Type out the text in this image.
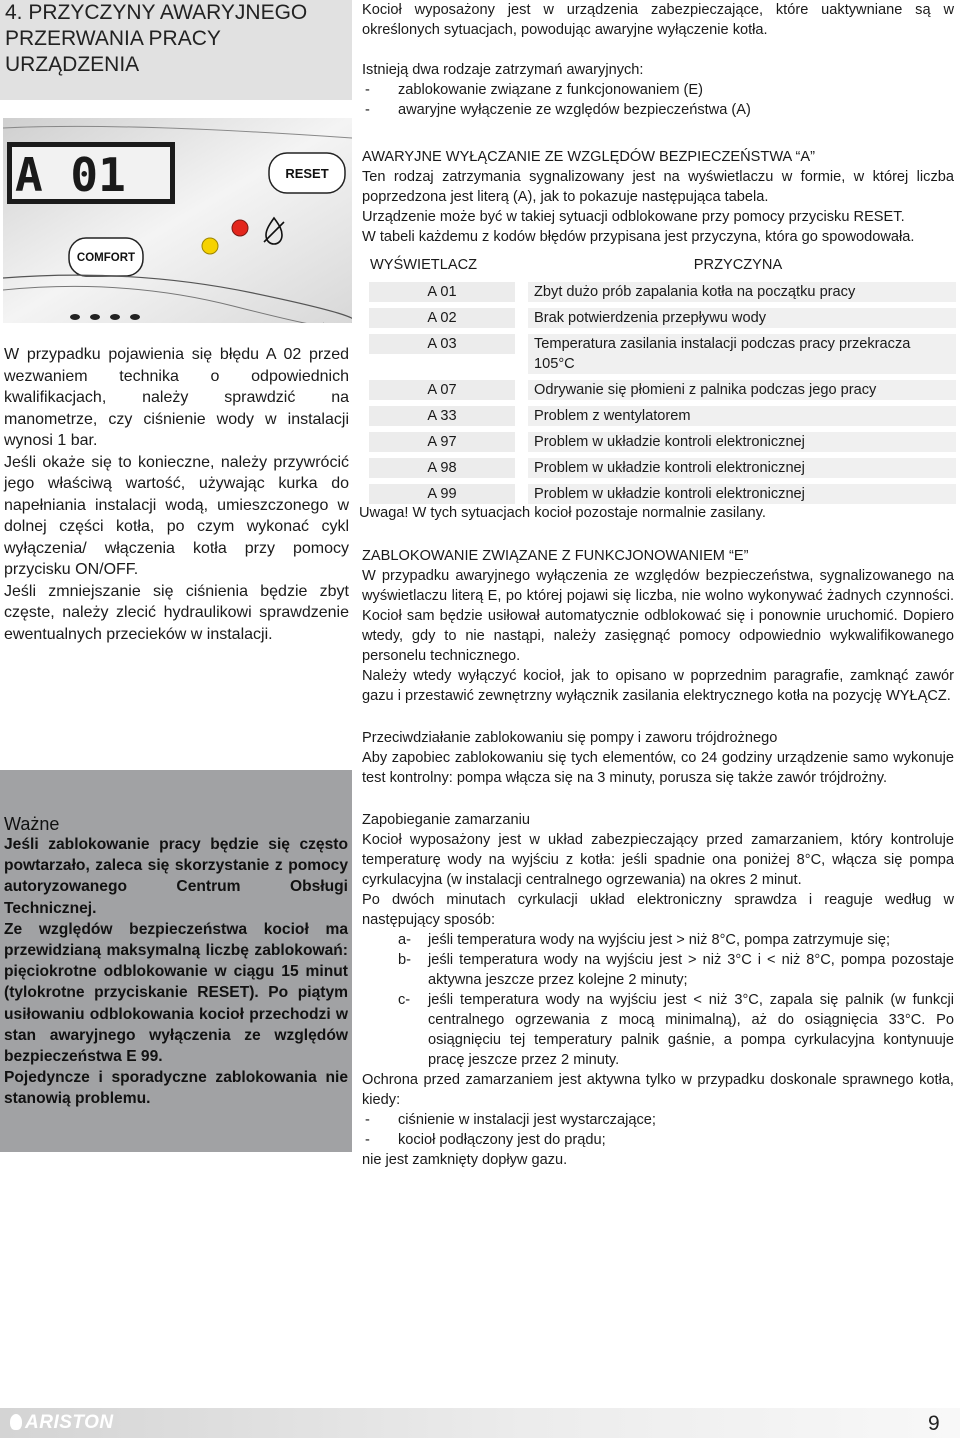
4. PRZYCZYNY AWARYJNEGO
PRZERWANIA PRACY
URZĄDZENIA
A 01	RESET
COMFORT
W przypadku pojawienia się błędu A 02 przed wezwaniem technika o odpowiednich kwalifikacjach, należy sprawdzić na manometrze, czy ciśnienie wody w instalacji wynosi 1 bar.
Jeśli okaże się to konieczne, należy przywrócić jego właściwą wartość, używając kurka do napełniania instalacji wodą, umieszczonego w dolnej części kotła, po czym wykonać cykl wyłączenia/ włączenia kotła przy pomocy przycisku ON/OFF.
Jeśli zmniejszanie się ciśnienia będzie zbyt częste, należy zlecić hydraulikowi sprawdzenie ewentualnych przecieków w instalacji.
Ważne
Jeśli zablokowanie pracy będzie się często powtarzało, zaleca się skorzystanie z pomocy autoryzowanego Centrum Obsługi Technicznej.
Ze względów bezpieczeństwa kocioł ma przewidzianą maksymalną liczbę zablokowań: pięciokrotne odblokowanie w ciągu 15 minut (tylokrotne przyciskanie RESET). Po piątym usiłowaniu odblokowania kocioł przechodzi w stan awaryjnego wyłączenia ze względów bezpieczeństwa E 99.
Pojedyncze i sporadyczne zablokowania nie stanowią problemu.
Kocioł wyposażony jest w urządzenia zabezpieczające, które uaktywniane są w określonych sytuacjach, powodując awaryjne wyłączenie kotła.
Istnieją dwa rodzaje zatrzymań awaryjnych:
-	zablokowanie związane z funkcjonowaniem (E)
-	awaryjne wyłączenie ze względów bezpieczeństwa (A)
AWARYJNE WYŁĄCZANIE ZE WZGLĘDÓW BEZPIECZEŃSTWA “A”
Ten rodzaj zatrzymania sygnalizowany jest na wyświetlaczu w formie, w której liczba poprzedzona jest literą (A), jak to pokazuje następująca tabela.
Urządzenie może być w takiej sytuacji odblokowane przy pomocy przycisku RESET.
W tabeli każdemu z kodów błędów przypisana jest przyczyna, która go spowodowała.
WYŚWIETLACZ	PRZYCZYNA
A 01	Zbyt dużo prób zapalania kotła na początku pracy

A 02	Brak potwierdzenia przepływu wody

A 03	Temperatura zasilania instalacji podczas pracy przekracza 105°C

A 07	Odrywanie się płomieni z palnika podczas jego pracy

A 33	Problem z wentylatorem

A 97	Problem w układzie kontroli elektronicznej

A 98	Problem w układzie kontroli elektronicznej

A 99	Problem w układzie kontroli elektronicznej
Uwaga! W tych sytuacjach kocioł pozostaje normalnie zasilany.
ZABLOKOWANIE ZWIĄZANE Z FUNKCJONOWANIEM “E”
W przypadku awaryjnego wyłączenia ze względów bezpieczeństwa, sygnalizowanego na wyświetlaczu literą E, po której pojawi się liczba, nie wolno wykonywać żadnych czynności. Kocioł sam będzie usiłował automatycznie odblokować się i ponownie uruchomić. Dopiero wtedy, gdy to nie nastąpi, należy zasięgnąć pomocy odpowiednio wykwalifikowanego personelu technicznego.
Należy wtedy wyłączyć kocioł, jak to opisano w poprzednim paragrafie, zamknąć zawór gazu i przestawić zewnętrzny wyłącznik zasilania elektrycznego kotła na pozycję WYŁĄCZ.
Przeciwdziałanie zablokowaniu się pompy i zaworu trójdrożnego
Aby zapobiec zablokowaniu się tych elementów, co 24 godziny urządzenie samo wykonuje test kontrolny: pompa włącza się na 3 minuty, porusza się także zawór trójdrożny.
Zapobieganie zamarzaniu
Kocioł wyposażony jest w układ zabezpieczający przed zamarzaniem, który kontroluje temperaturę wody na wyjściu z kotła: jeśli spadnie ona poniżej 8°C, włącza się pompa cyrkulacyjna (w instalacji centralnego ogrzewania) na okres 2 minut.
Po dwóch minutach cyrkulacji układ elektroniczny sprawdza i reaguje według w następujący sposób:
a-	jeśli temperatura wody na wyjściu jest > niż 8°C, pompa zatrzymuje się;
b-	jeśli temperatura wody na wyjściu jest > niż 3°C i < niż 8°C, pompa pozostaje aktywna jeszcze przez kolejne 2 minuty;
c-	jeśli temperatura wody na wyjściu jest < niż 3°C, zapala się palnik (w funkcji centralnego ogrzewania z mocą minimalną), aż do osiągnięcia 33°C. Po osiągnięciu tej temperatury palnik gaśnie, a pompa cyrkulacyjna kontynuuje pracę jeszcze przez 2 minuty.
Ochrona przed zamarzaniem jest aktywna tylko w przypadku doskonale sprawnego kotła, kiedy:
-	ciśnienie w instalacji jest wystarczające;
-	kocioł podłączony jest do prądu;
nie jest zamknięty dopływ gazu.
ARISTON	9
